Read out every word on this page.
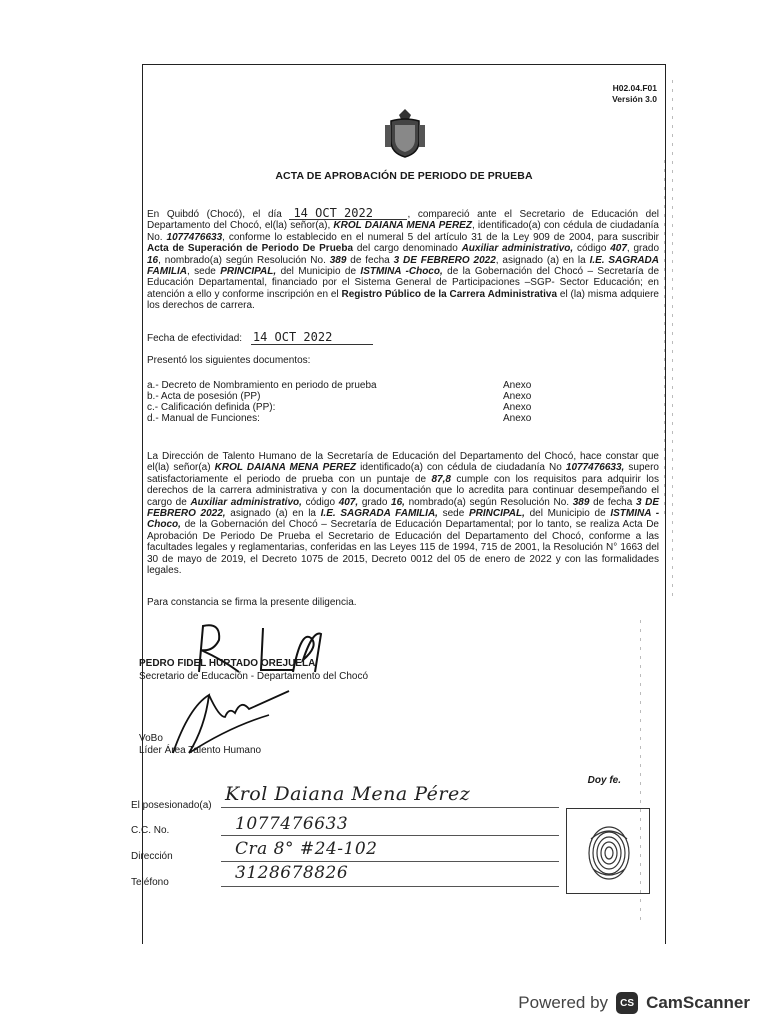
H02.04.F01
Versión 3.0
ACTA DE APROBACIÓN DE PERIODO DE PRUEBA
En Quibdó (Chocó), el día 14 OCT 2022	, compareció ante el Secretario de Educación del Departamento del Chocó, el(la) señor(a), KROL DAIANA MENA PEREZ, identificado(a) con cédula de ciudadanía No. 1077476633, conforme lo establecido en el numeral 5 del artículo 31 de la Ley 909 de 2004, para suscribir Acta de Superación de Periodo De Prueba del cargo denominado Auxiliar administrativo, código 407, grado 16, nombrado(a) según Resolución No. 389 de fecha 3 DE FEBRERO 2022, asignado (a) en la I.E. SAGRADA FAMILIA, sede PRINCIPAL, del Municipio de ISTMINA -Choco, de la Gobernación del Chocó – Secretaría de Educación Departamental, financiado por el Sistema General de Participaciones –SGP- Sector Educación; en atención a ello y conforme inscripción en el Registro Público de la Carrera Administrativa el (la) misma adquiere los derechos de carrera.
Fecha de efectividad: 14 OCT 2022
Presentó los siguientes documentos:
a.- Decreto de Nombramiento en periodo de prueba	Anexo
b.- Acta de posesión (PP)	Anexo
c.- Calificación definida (PP):	Anexo
d.- Manual de Funciones:	Anexo
La Dirección de Talento Humano de la Secretaría de Educación del Departamento del Chocó, hace constar que el(la) señor(a) KROL DAIANA MENA PEREZ identificado(a) con cédula de ciudadanía No 1077476633, supero satisfactoriamente el periodo de prueba con un puntaje de 87,8 cumple con los requisitos para adquirir los derechos de la carrera administrativa y con la documentación que lo acredita para continuar desempeñando el cargo de Auxiliar administrativo, código 407, grado 16, nombrado(a) según Resolución No. 389 de fecha 3 DE FEBRERO 2022, asignado (a) en la I.E. SAGRADA FAMILIA, sede PRINCIPAL, del Municipio de ISTMINA -Choco, de la Gobernación del Chocó – Secretaría de Educación Departamental; por lo tanto, se realiza Acta De Aprobación De Periodo De Prueba el Secretario de Educación del Departamento del Chocó, conforme a las facultades legales y reglamentarias, conferidas en las Leyes 115 de 1994, 715 de 2001, la Resolución N° 1663 del 30 de mayo de 2019, el Decreto 1075 de 2015, Decreto 0012 del 05 de enero de 2022 y con las formalidades legales.
Para constancia se firma la presente diligencia.
PEDRO FIDEL HURTADO OREJUELA
Secretario de Educación - Departamento del Chocó
VoBo
Líder Área Talento Humano
Doy fe.
El posesionado(a)
Krol Daiana Mena Pérez
C.C. No.	1077476633
Dirección	Cra 8° #24-102
Teléfono	3128678826
Powered by	CS CamScanner
